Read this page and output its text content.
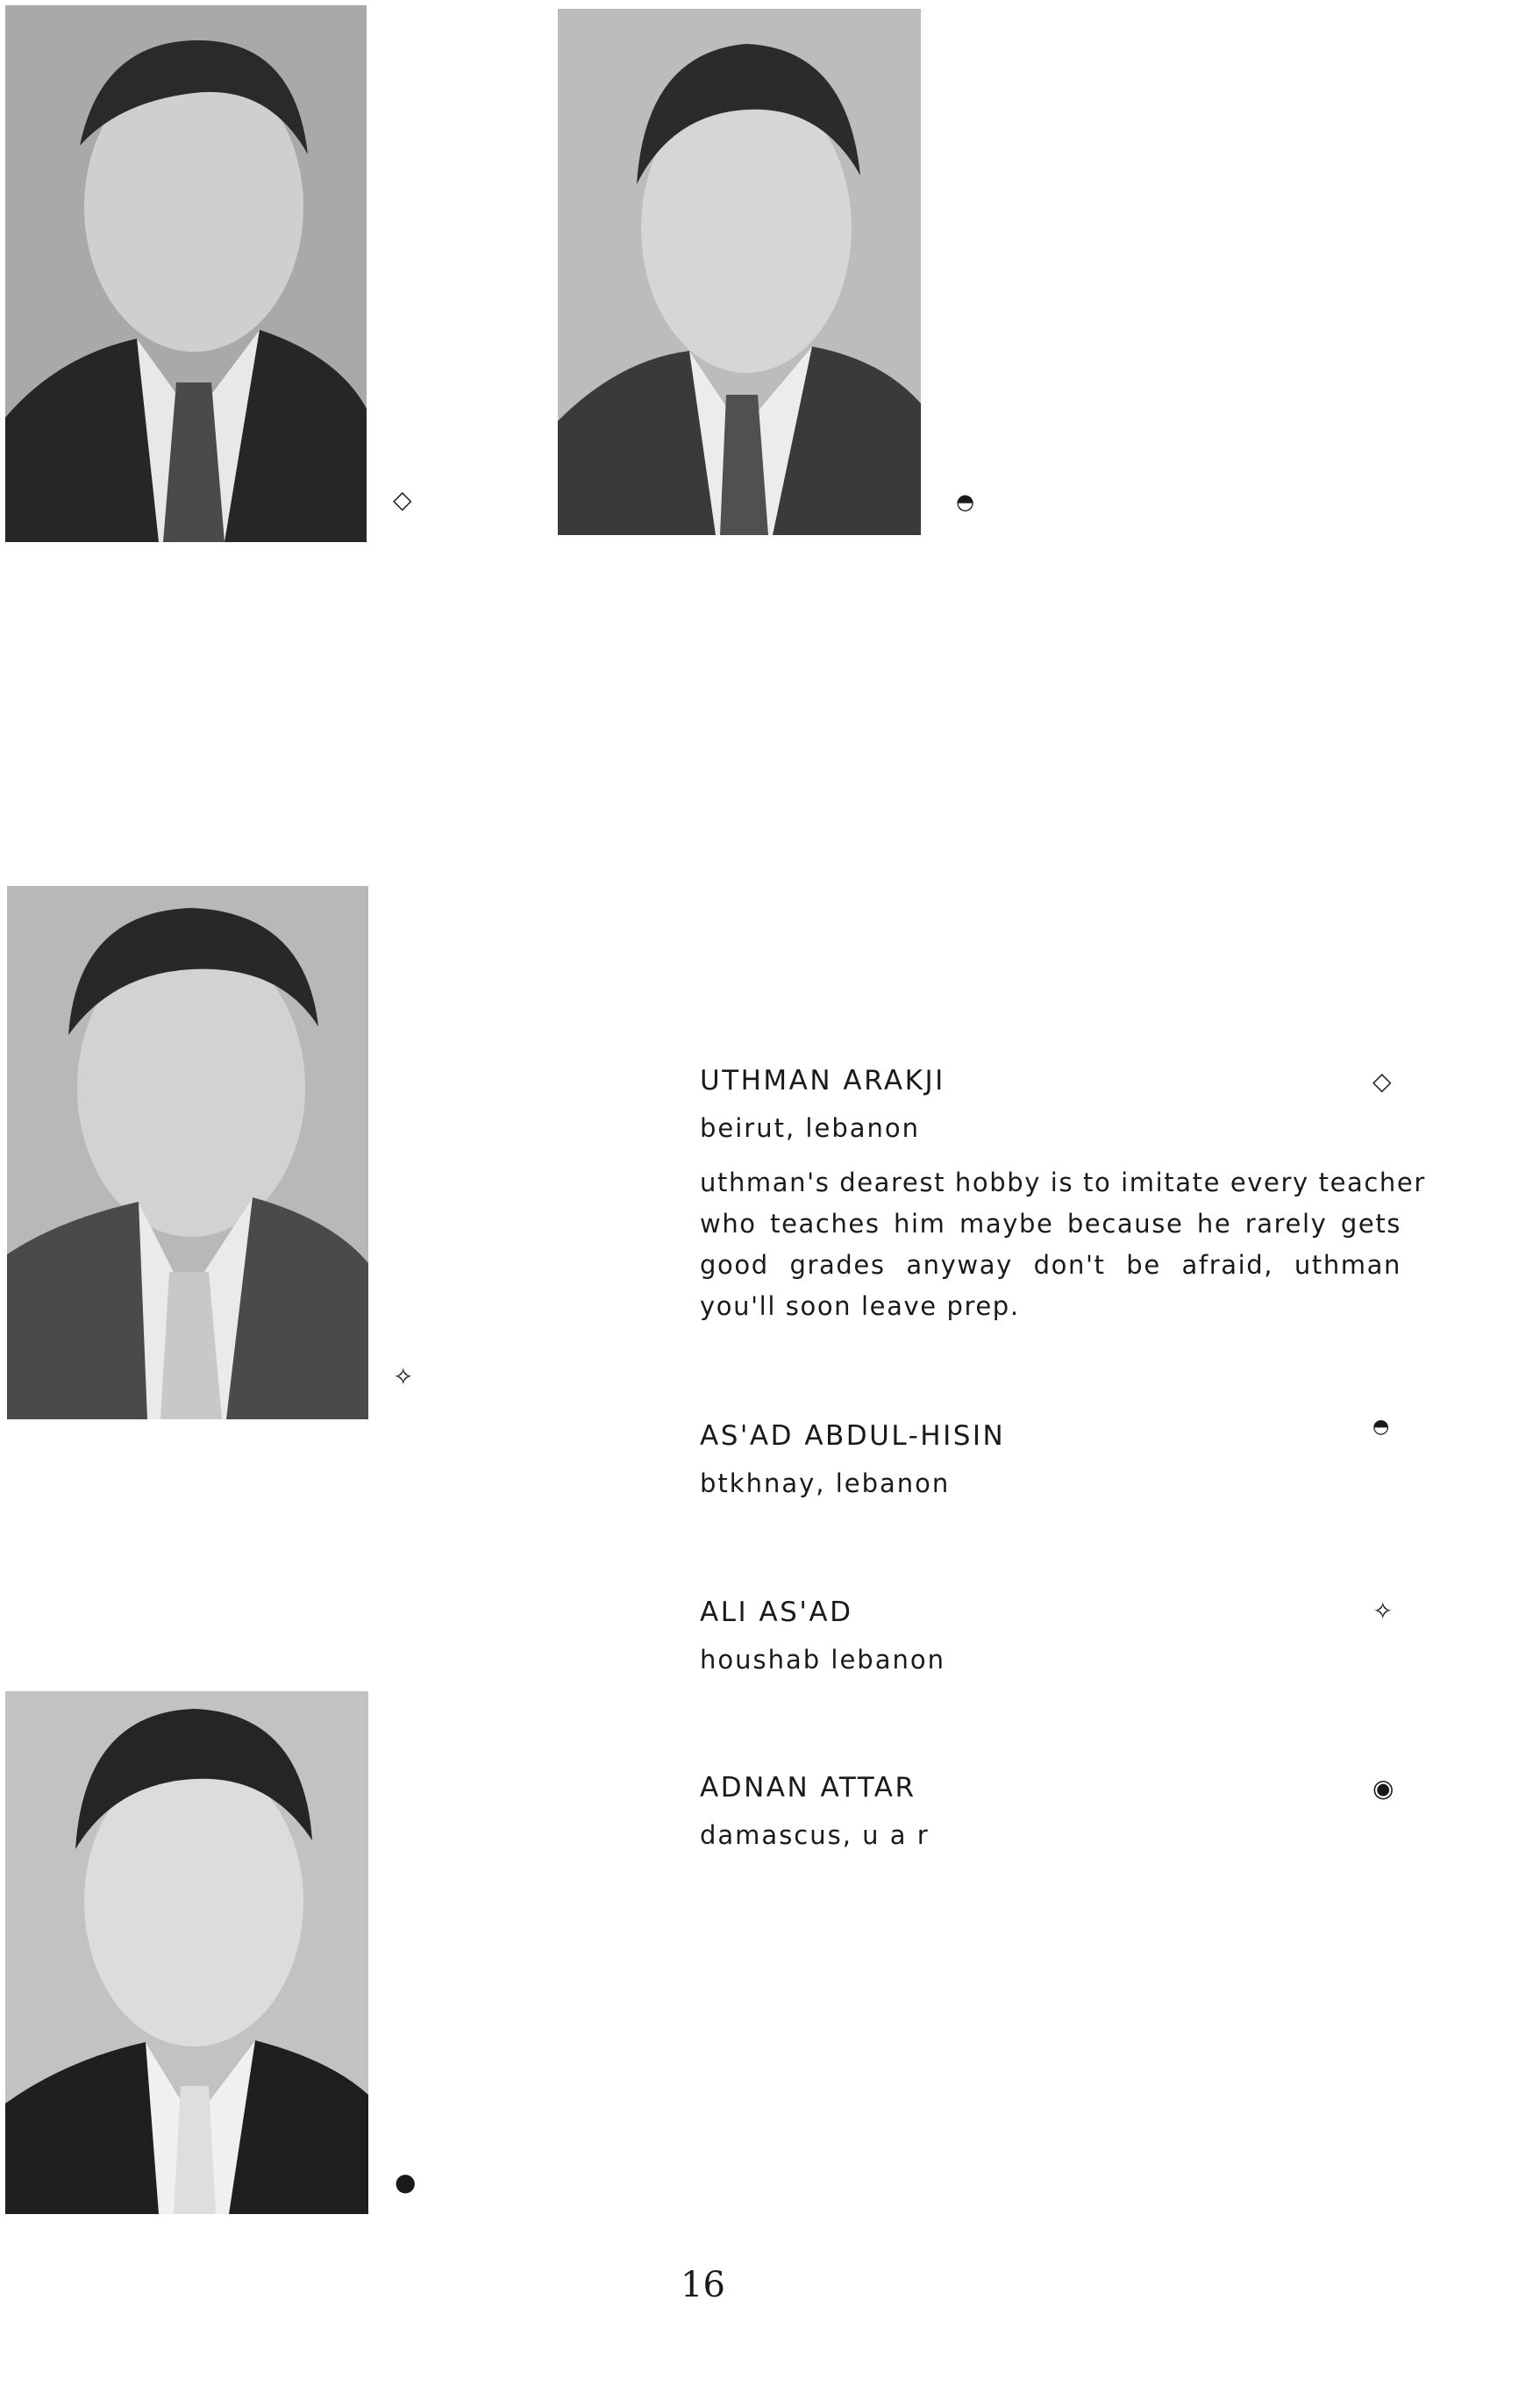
◇	◓
✧
●
UTHMAN ARAKJI
beirut, lebanon
◇
uthman's dearest hobby is to imitate every teacher
who teaches him maybe because he rarely gets
good grades anyway don't be afraid, uthman
you'll soon leave prep.
AS'AD ABDUL-HISIN
btkhnay, lebanon
◓
ALI AS'AD
houshab lebanon
✧
ADNAN ATTAR
damascus, u a r
◉
16
